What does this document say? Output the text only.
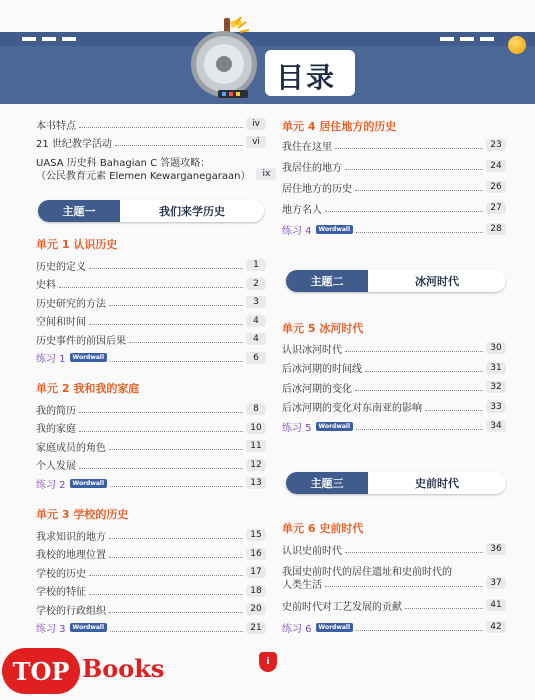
目录
本书特点	iv
21 世纪教学活动	vi
UASA 历史科 Bahagian C 答题攻略：
（公民教育元素 Elemen Kewarganegaraan）	ix
主题一	我们来学历史
单元 1 认识历史
历史的定义	1
史料	2
历史研究的方法	3
空间和时间	4
历史事件的前因后果	4
练习 1	Wordwall	6
单元 2 我和我的家庭
我的简历	8
我的家庭	10
家庭成员的角色	11
个人发展	12
练习 2	Wordwall	13
单元 3 学校的历史
我求知识的地方	15
我校的地理位置	16
学校的历史	17
学校的特征	18
学校的行政组织	20
练习 3	Wordwall	21
单元 4 居住地方的历史
我住在这里	23
我居住的地方	24
居住地方的历史	26
地方名人	27
练习 4	Wordwall	28
主题二	冰河时代
单元 5 冰河时代
认识冰河时代	30
后冰河期的时间线	31
后冰河期的变化	32
后冰河期的变化对东南亚的影响	33
练习 5	Wordwall	34
主题三	史前时代
单元 6 史前时代
认识史前时代	36
我国史前时代的居住遗址和史前时代的
人类生活	37
史前时代对工艺发展的贡献	41
练习 6	Wordwall	42
TOP Books	i
